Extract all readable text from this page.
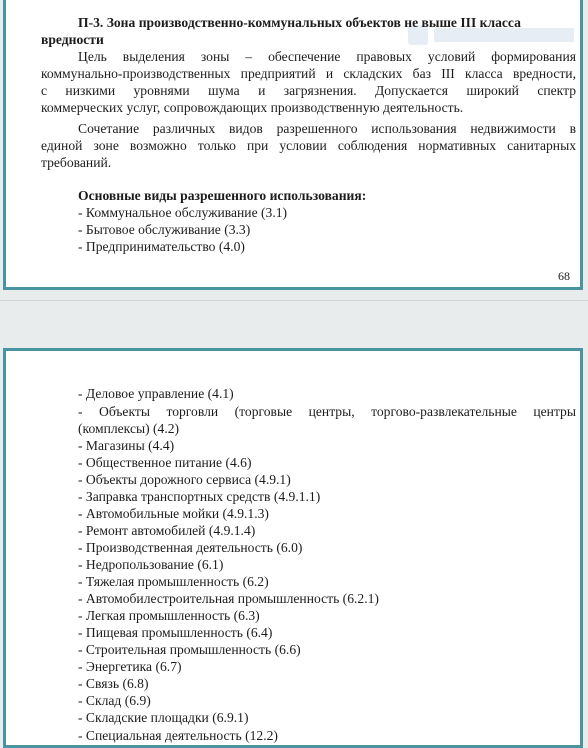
П-3. Зона производственно-коммунальных объектов не выше III класса
вредности
Цель выделения зоны – обеспечение правовых условий формирования
коммунально-производственных предприятий и складских баз III класса вредности,
с низкими уровнями шума и загрязнения. Допускается широкий спектр
коммерческих услуг, сопровождающих производственную деятельность.
Сочетание различных видов разрешенного использования недвижимости в
единой зоне возможно только при условии соблюдения нормативных санитарных
требований.
Основные виды разрешенного использования:
- Коммунальное обслуживание (3.1)
- Бытовое обслуживание (3.3)
- Предпринимательство (4.0)
68
- Деловое управление (4.1)
- Объекты торговли (торговые центры, торгово-развлекательные центры
(комплексы) (4.2)
- Магазины (4.4)
- Общественное питание (4.6)
- Объекты дорожного сервиса (4.9.1)
- Заправка транспортных средств (4.9.1.1)
- Автомобильные мойки (4.9.1.3)
- Ремонт автомобилей (4.9.1.4)
- Производственная деятельность (6.0)
- Недропользование (6.1)
- Тяжелая промышленность (6.2)
- Автомобилестроительная промышленность (6.2.1)
- Легкая промышленность (6.3)
- Пищевая промышленность (6.4)
- Строительная промышленность (6.6)
- Энергетика (6.7)
- Связь (6.8)
- Склад (6.9)
- Складские площадки (6.9.1)
- Специальная деятельность (12.2)
